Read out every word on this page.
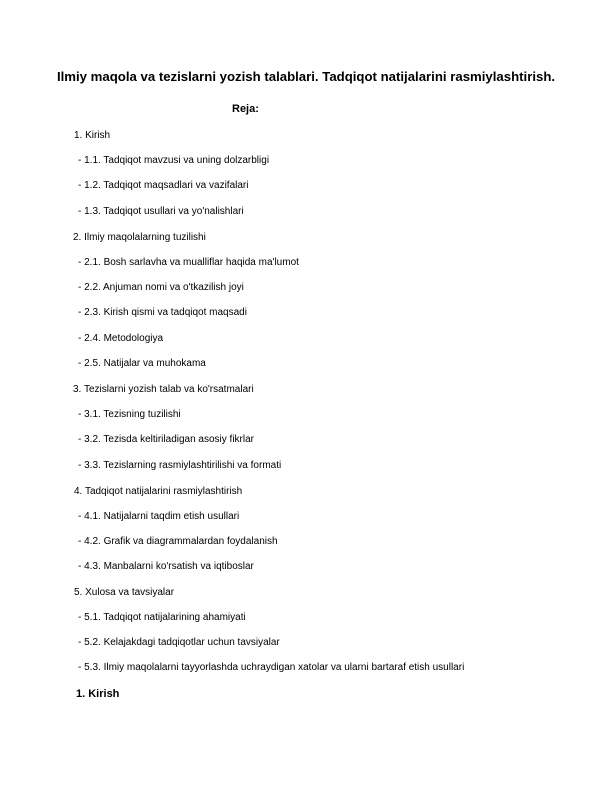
Ilmiy maqola va tezislarni yozish talablari. Tadqiqot natijalarini rasmiylashtirish.
Reja:
1. Kirish
- 1.1. Tadqiqot mavzusi va uning dolzarbligi
- 1.2. Tadqiqot maqsadlari va vazifalari
- 1.3. Tadqiqot usullari va yo'nalishlari
2. Ilmiy maqolalarning tuzilishi
- 2.1. Bosh sarlavha va mualliflar haqida ma'lumot
- 2.2. Anjuman nomi va o'tkazilish joyi
- 2.3. Kirish qismi va tadqiqot maqsadi
- 2.4. Metodologiya
- 2.5. Natijalar va muhokama
3. Tezislarni yozish talab va ko'rsatmalari
- 3.1. Tezisning tuzilishi
- 3.2. Tezisda keltiriladigan asosiy fikrlar
- 3.3. Tezislarning rasmiylashtirilishi va formati
4. Tadqiqot natijalarini rasmiylashtirish
- 4.1. Natijalarni taqdim etish usullari
- 4.2. Grafik va diagrammalardan foydalanish
- 4.3. Manbalarni ko'rsatish va iqtiboslar
5. Xulosa va tavsiyalar
- 5.1. Tadqiqot natijalarining ahamiyati
- 5.2. Kelajakdagi tadqiqotlar uchun tavsiyalar
- 5.3. Ilmiy maqolalarni tayyorlashda uchraydigan xatolar va ularni bartaraf etish usullari
1. Kirish
